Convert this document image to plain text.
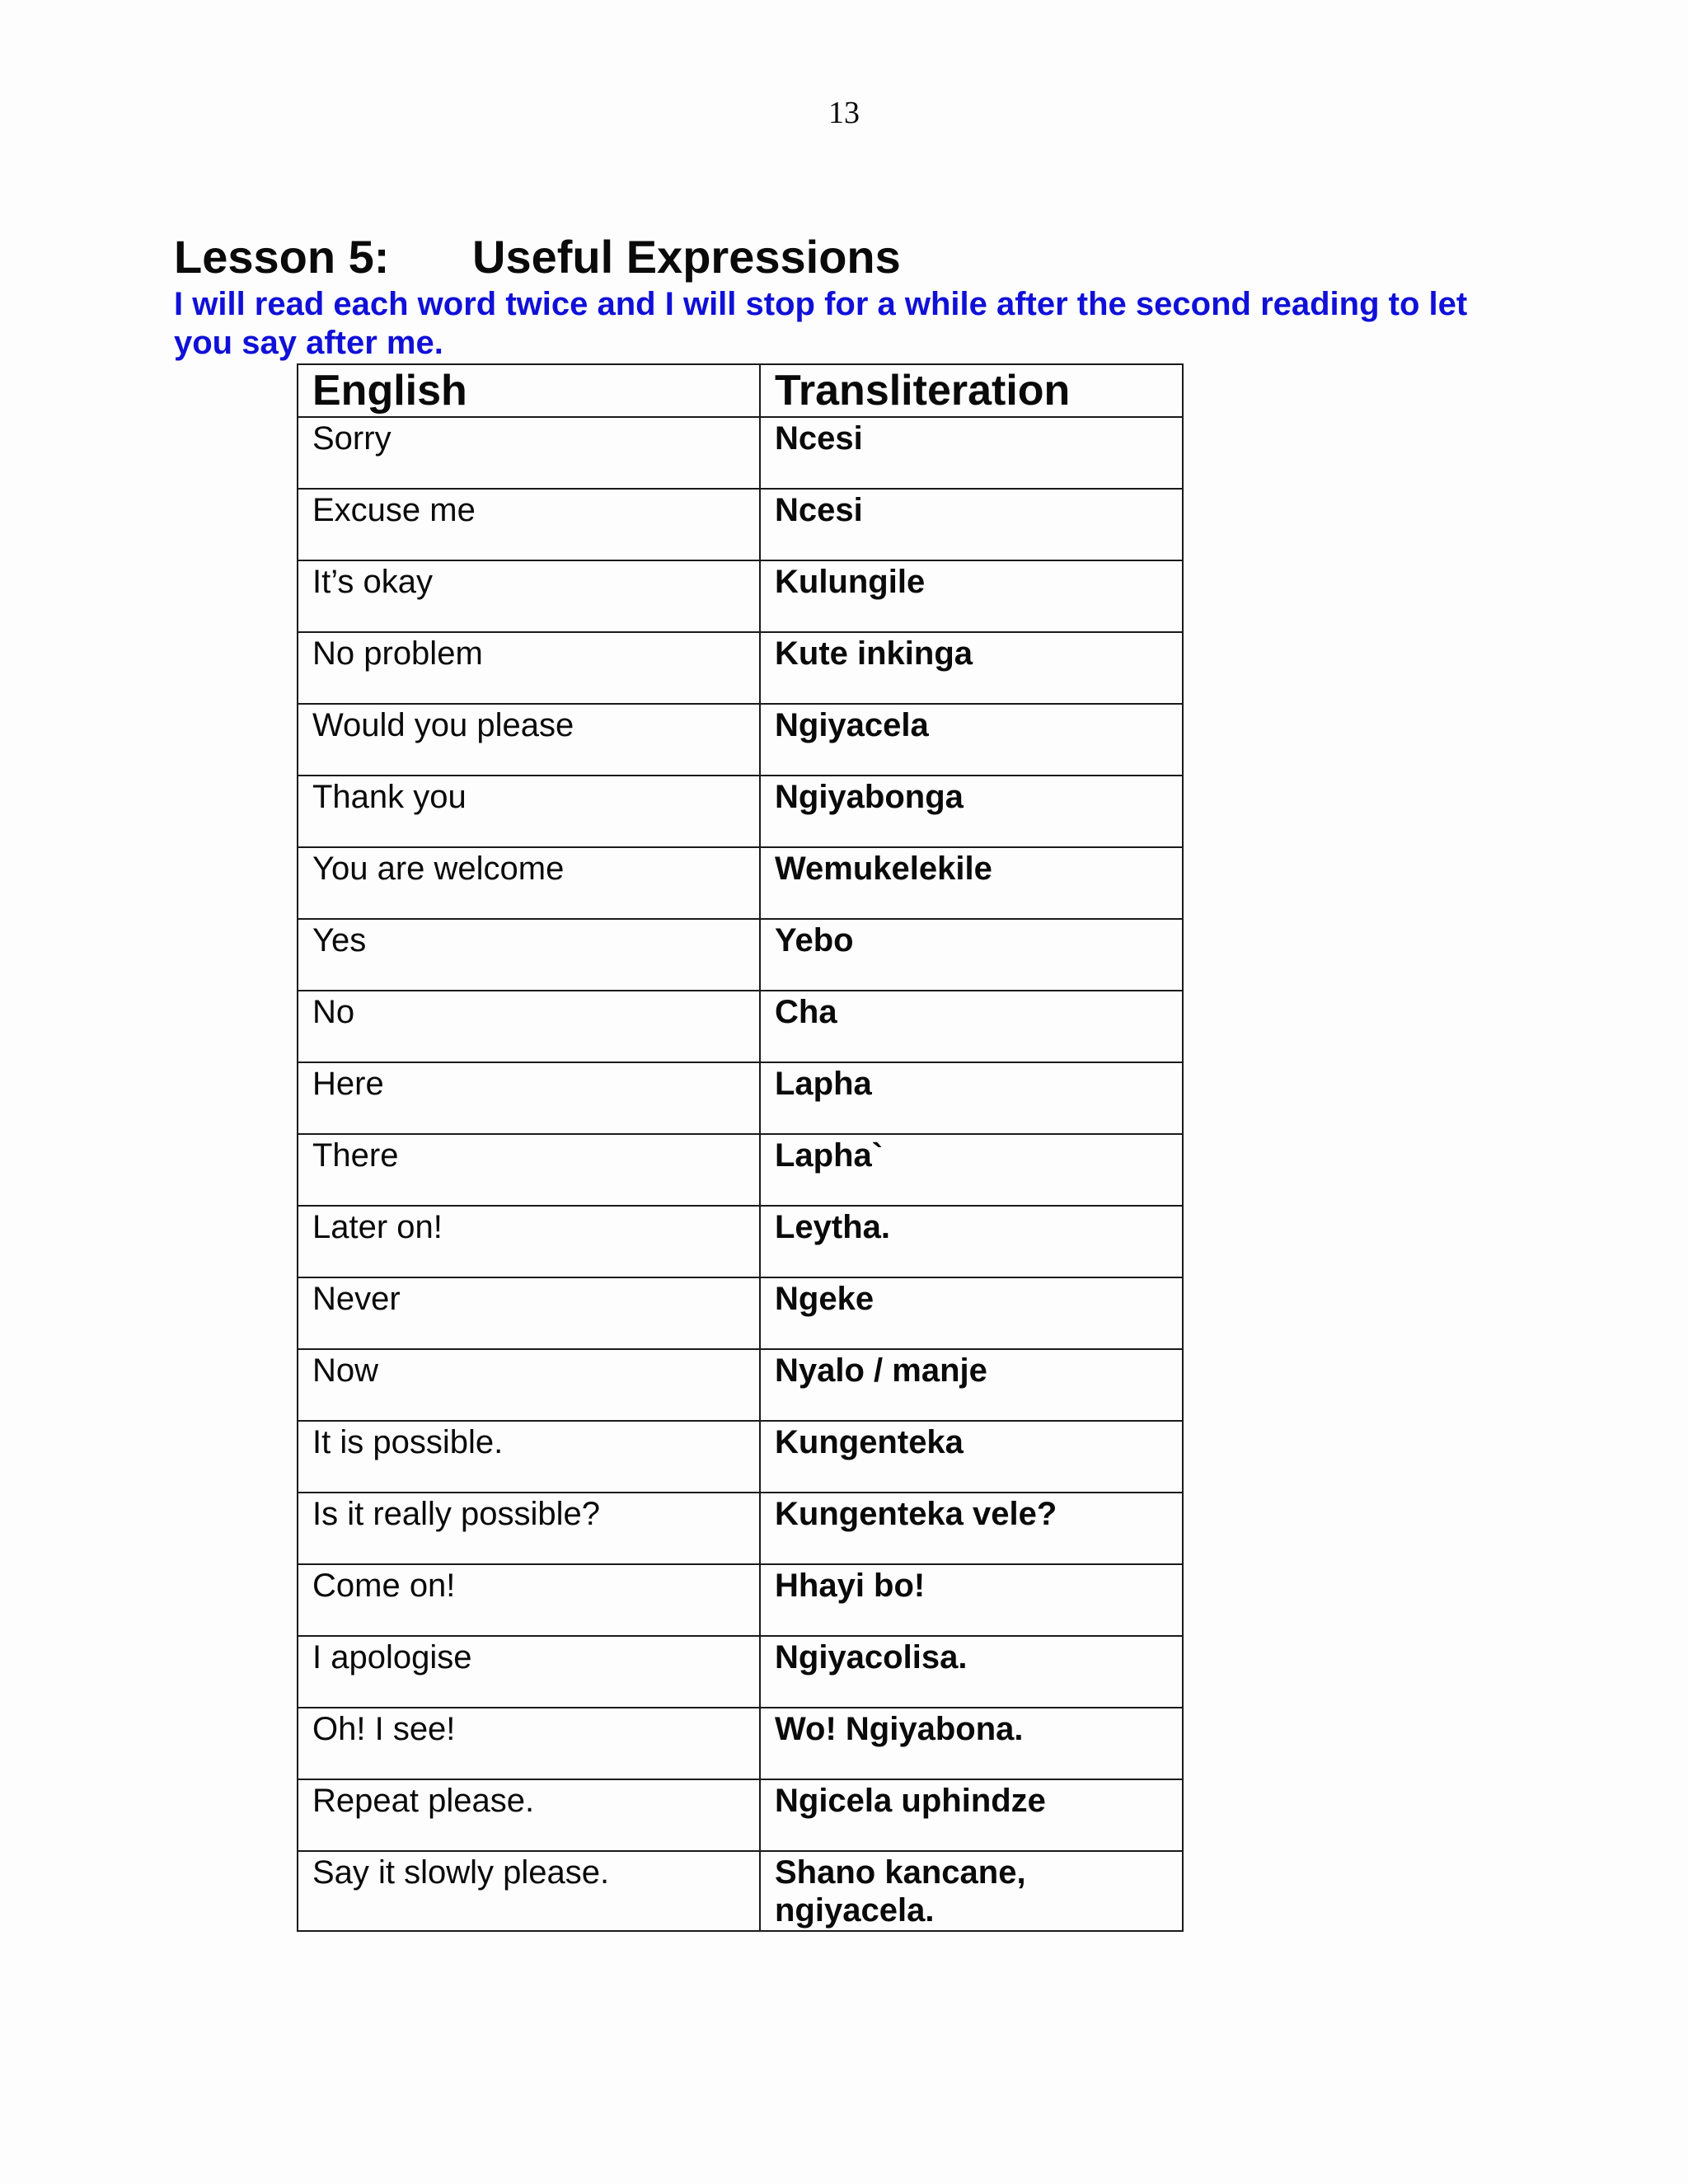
13
Lesson 5: Useful Expressions
I will read each word twice and I will stop for a while after the second reading to let you say after me.
English	Transliteration
Sorry	Ncesi
Excuse me	Ncesi
It’s okay	Kulungile
No problem	Kute inkinga
Would you please	Ngiyacela
Thank you	Ngiyabonga
You are welcome	Wemukelekile
Yes	Yebo
No	Cha
Here	Lapha
There	Lapha`
Later on!	Leytha.
Never	Ngeke
Now	Nyalo / manje
It is possible.	Kungenteka
Is it really possible?	Kungenteka vele?
Come on!	Hhayi bo!
I apologise	Ngiyacolisa.
Oh! I see!	Wo! Ngiyabona.
Repeat please.	Ngicela uphindze
Say it slowly please.	Shano kancane, ngiyacela.
